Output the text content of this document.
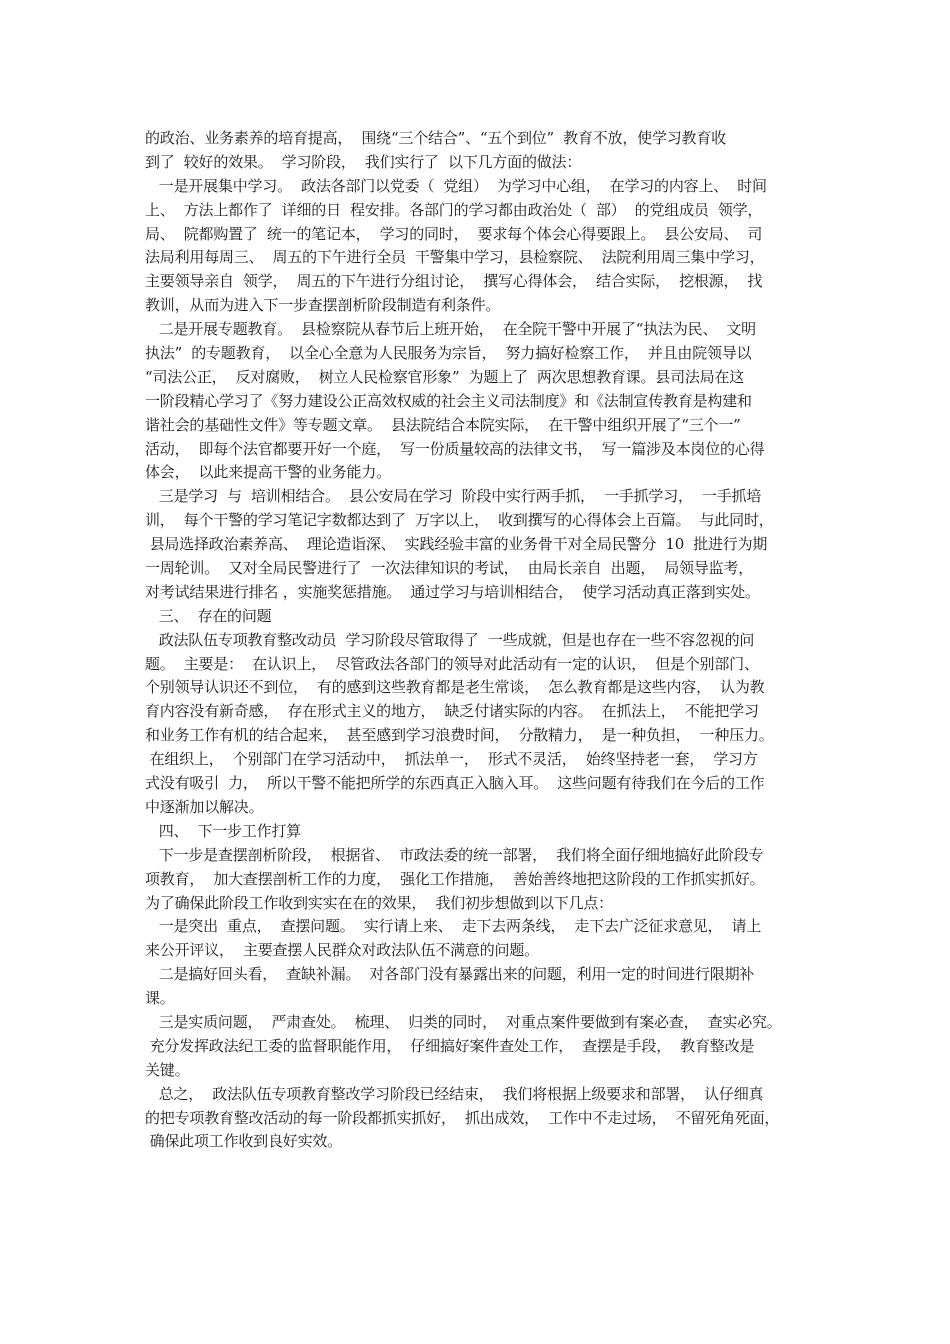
的政治、业务素养的培育提高，  围绕“三个结合”、“五个到位”  教育不放，使学习教育收
到了  较好的效果。  学习阶段，  我们实行了  以下几方面的做法：
一是开展集中学习。  政法各部门以党委（  党组）  为学习中心组，  在学习的内容上、  时间
上、  方法上都作了  详细的日  程安排。各部门的学习都由政治处（  部）  的党组成员  领学，
局、  院都购置了  统一的笔记本，  学习的同时，  要求每个体会心得要跟上。  县公安局、  司
法局利用每周三、  周五的下午进行全员  干警集中学习，县检察院、  法院利用周三集中学习，
主要领导亲自  领学，  周五的下午进行分组讨论，  撰写心得体会，  结合实际，  挖根源，  找
教训，从而为进入下一步查摆剖析阶段制造有利条件。
二是开展专题教育。  县检察院从春节后上班开始，  在全院干警中开展了“执法为民、  文明
执法”  的专题教育，  以全心全意为人民服务为宗旨，  努力搞好检察工作，  并且由院领导以
“司法公正，  反对腐败，  树立人民检察官形象”  为题上了  两次思想教育课。县司法局在这
一阶段精心学习了《努力建设公正高效权威的社会主义司法制度》和《法制宣传教育是构建和
谐社会的基础性文件》等专题文章。  县法院结合本院实际，  在干警中组织开展了“三个一”
活动，  即每个法官都要开好一个庭，  写一份质量较高的法律文书，  写一篇涉及本岗位的心得
体会，  以此来提高干警的业务能力。
三是学习  与  培训相结合。  县公安局在学习  阶段中实行两手抓，  一手抓学习，  一手抓培
训，  每个干警的学习笔记字数都达到了  万字以上，  收到撰写的心得体会上百篇。  与此同时，
县局选择政治素养高、  理论造诣深、  实践经验丰富的业务骨干对全局民警分  10  批进行为期
一周轮训。  又对全局民警进行了  一次法律知识的考试，  由局长亲自  出题，  局领导监考，
对考试结果进行排名 ，实施奖惩措施。  通过学习与培训相结合，  使学习活动真正落到实处。
三、  存在的问题
政法队伍专项教育整改动员  学习阶段尽管取得了  一些成就，但是也存在一些不容忽视的问
题。  主要是：  在认识上，  尽管政法各部门的领导对此活动有一定的认识，  但是个别部门、
个别领导认识还不到位，  有的感到这些教育都是老生常谈，  怎么教育都是这些内容，  认为教
育内容没有新奇感，  存在形式主义的地方，  缺乏付诸实际的内容。  在抓法上，  不能把学习
和业务工作有机的结合起来，  甚至感到学习浪费时间，  分散精力，  是一种负担，  一种压力。
在组织上，  个别部门在学习活动中，  抓法单一，  形式不灵活，  始终坚持老一套，  学习方
式没有吸引  力，  所以干警不能把所学的东西真正入脑入耳。  这些问题有待我们在今后的工作
中逐渐加以解决。
四、  下一步工作打算
下一步是查摆剖析阶段，  根据省、  市政法委的统一部署，  我们将全面仔细地搞好此阶段专
项教育，  加大查摆剖析工作的力度，  强化工作措施，  善始善终地把这阶段的工作抓实抓好。
为了确保此阶段工作收到实实在在的效果，  我们初步想做到以下几点：
一是突出  重点，  查摆问题。  实行请上来、  走下去两条线，  走下去广泛征求意见，  请上
来公开评议，  主要查摆人民群众对政法队伍不满意的问题。
二是搞好回头看，  查缺补漏。  对各部门没有暴露出来的问题，利用一定的时间进行限期补
课。
三是实质问题，  严肃查处。  梳理、  归类的同时，  对重点案件要做到有案必查，  查实必究。
充分发挥政法纪工委的监督职能作用，  仔细搞好案件查处工作，  查摆是手段，  教育整改是
关键。
总之，  政法队伍专项教育整改学习阶段已经结束，  我们将根据上级要求和部署，  认仔细真
的把专项教育整改活动的每一阶段都抓实抓好，  抓出成效，  工作中不走过场，  不留死角死面，
确保此项工作收到良好实效。
